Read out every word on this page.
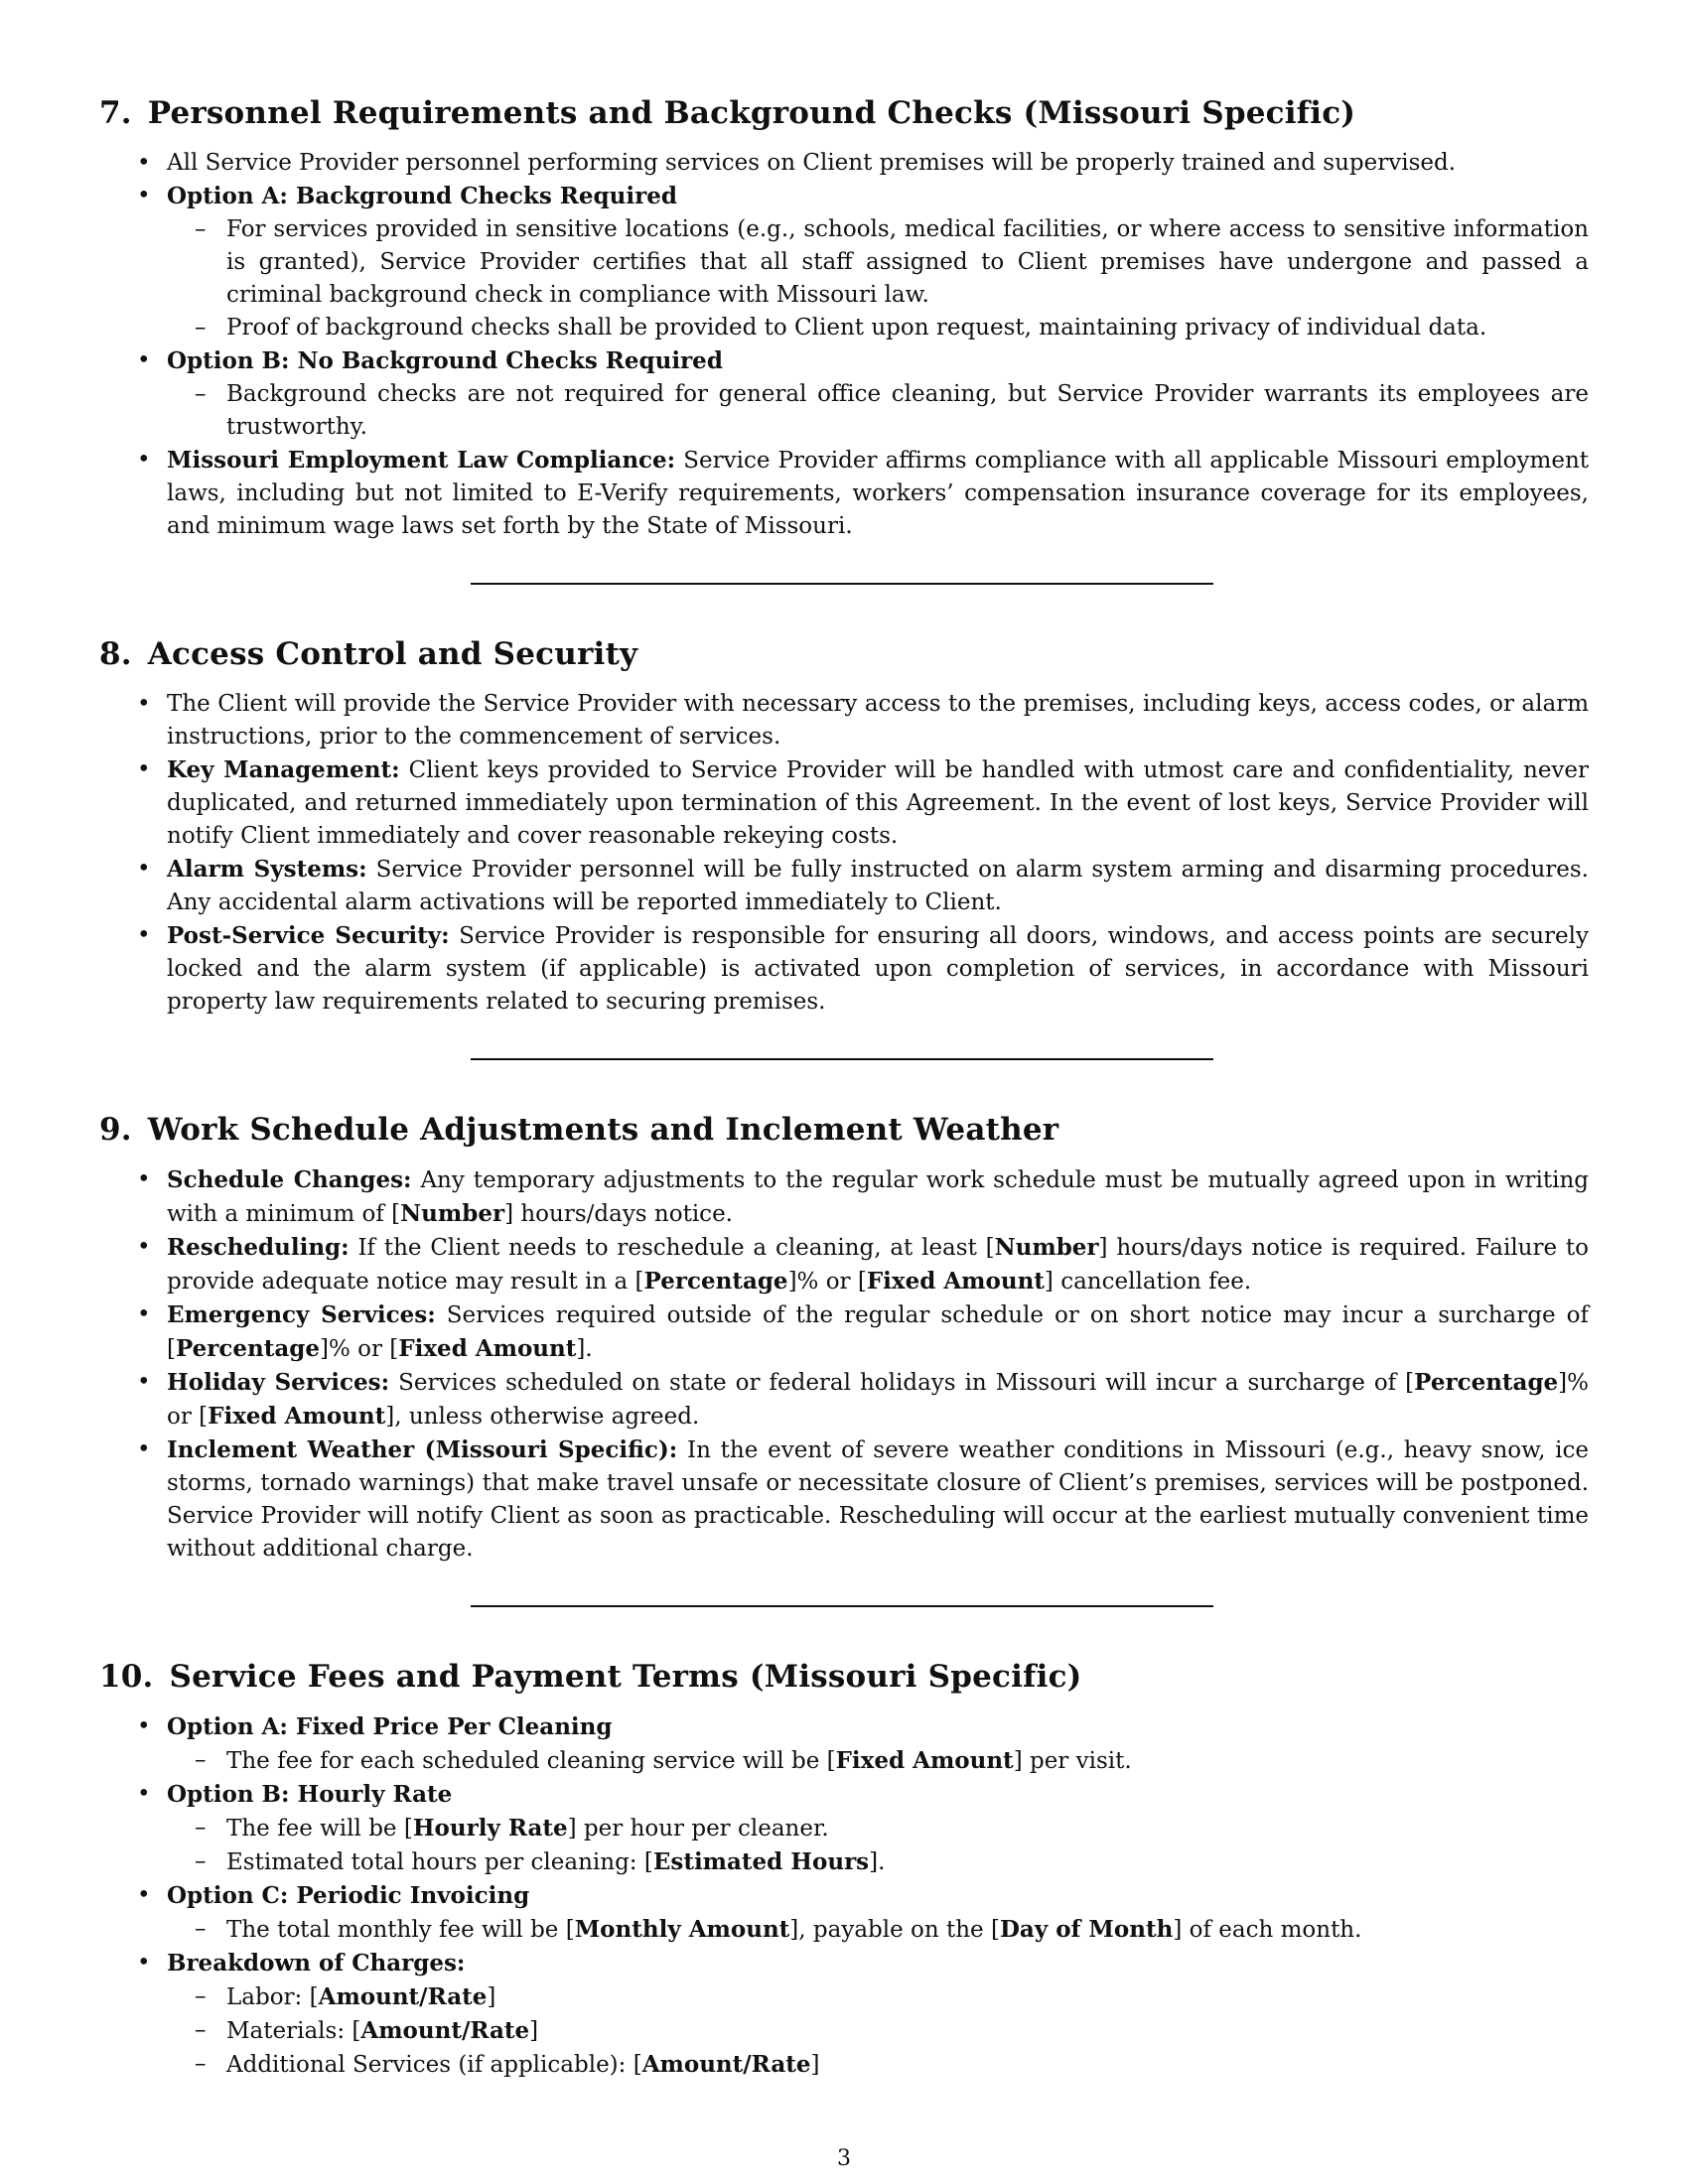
7. Personnel Requirements and Background Checks (Missouri Specific)
• All Service Provider personnel performing services on Client premises will be properly trained and supervised.
• Option A: Background Checks Required
– For services provided in sensitive locations (e.g., schools, medical facilities, or where access to sensitive information is granted), Service Provider certifies that all staff assigned to Client premises have undergone and passed a criminal background check in compliance with Missouri law.
– Proof of background checks shall be provided to Client upon request, maintaining privacy of individual data.
• Option B: No Background Checks Required
– Background checks are not required for general office cleaning, but Service Provider warrants its employees are trustworthy.
• Missouri Employment Law Compliance: Service Provider affirms compliance with all applicable Missouri employment laws, including but not limited to E-Verify requirements, workers’ compensation insurance coverage for its employees, and minimum wage laws set forth by the State of Missouri.
8. Access Control and Security
• The Client will provide the Service Provider with necessary access to the premises, including keys, access codes, or alarm instructions, prior to the commencement of services.
• Key Management: Client keys provided to Service Provider will be handled with utmost care and confidentiality, never duplicated, and returned immediately upon termination of this Agreement. In the event of lost keys, Service Provider will notify Client immediately and cover reasonable rekeying costs.
• Alarm Systems: Service Provider personnel will be fully instructed on alarm system arming and disarming procedures. Any accidental alarm activations will be reported immediately to Client.
• Post-Service Security: Service Provider is responsible for ensuring all doors, windows, and access points are securely locked and the alarm system (if applicable) is activated upon completion of services, in accordance with Missouri property law requirements related to securing premises.
9. Work Schedule Adjustments and Inclement Weather
• Schedule Changes: Any temporary adjustments to the regular work schedule must be mutually agreed upon in writing with a minimum of [Number] hours/days notice.
• Rescheduling: If the Client needs to reschedule a cleaning, at least [Number] hours/days notice is required. Failure to provide adequate notice may result in a [Percentage]% or [Fixed Amount] cancellation fee.
• Emergency Services: Services required outside of the regular schedule or on short notice may incur a surcharge of [Percentage]% or [Fixed Amount].
• Holiday Services: Services scheduled on state or federal holidays in Missouri will incur a surcharge of [Percentage]% or [Fixed Amount], unless otherwise agreed.
• Inclement Weather (Missouri Specific): In the event of severe weather conditions in Missouri (e.g., heavy snow, ice storms, tornado warnings) that make travel unsafe or necessitate closure of Client’s premises, services will be postponed. Service Provider will notify Client as soon as practicable. Rescheduling will occur at the earliest mutually convenient time without additional charge.
10. Service Fees and Payment Terms (Missouri Specific)
• Option A: Fixed Price Per Cleaning
– The fee for each scheduled cleaning service will be [Fixed Amount] per visit.
• Option B: Hourly Rate
– The fee will be [Hourly Rate] per hour per cleaner.
– Estimated total hours per cleaning: [Estimated Hours].
• Option C: Periodic Invoicing
– The total monthly fee will be [Monthly Amount], payable on the [Day of Month] of each month.
• Breakdown of Charges:
– Labor: [Amount/Rate]
– Materials: [Amount/Rate]
– Additional Services (if applicable): [Amount/Rate]
3
